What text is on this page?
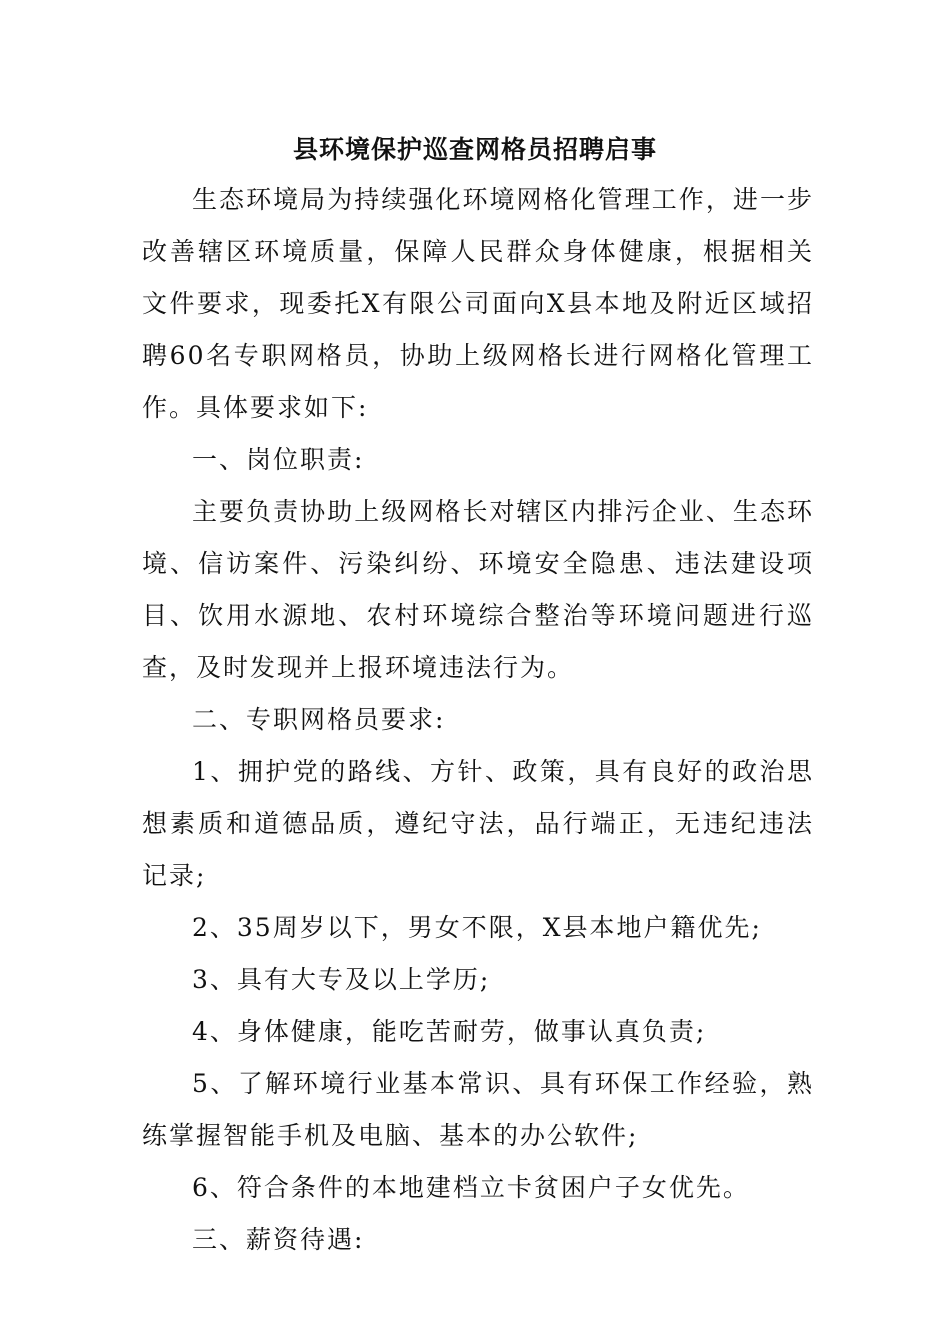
县环境保护巡查网格员招聘启事

生态环境局为持续强化环境网格化管理工作，进一步改善辖区环境质量，保障人民群众身体健康，根据相关文件要求，现委托X有限公司面向X县本地及附近区域招聘60名专职网格员，协助上级网格长进行网格化管理工作。具体要求如下:

一、岗位职责:

主要负责协助上级网格长对辖区内排污企业、生态环境、信访案件、污染纠纷、环境安全隐患、违法建设项目、饮用水源地、农村环境综合整治等环境问题进行巡查，及时发现并上报环境违法行为。

二、专职网格员要求:

1、拥护党的路线、方针、政策，具有良好的政治思想素质和道德品质，遵纪守法，品行端正，无违纪违法记录;

2、35周岁以下，男女不限，X县本地户籍优先;

3、具有大专及以上学历;

4、身体健康，能吃苦耐劳，做事认真负责;

5、了解环境行业基本常识、具有环保工作经验，熟练掌握智能手机及电脑、基本的办公软件;

6、符合条件的本地建档立卡贫困户子女优先。

三、薪资待遇:
